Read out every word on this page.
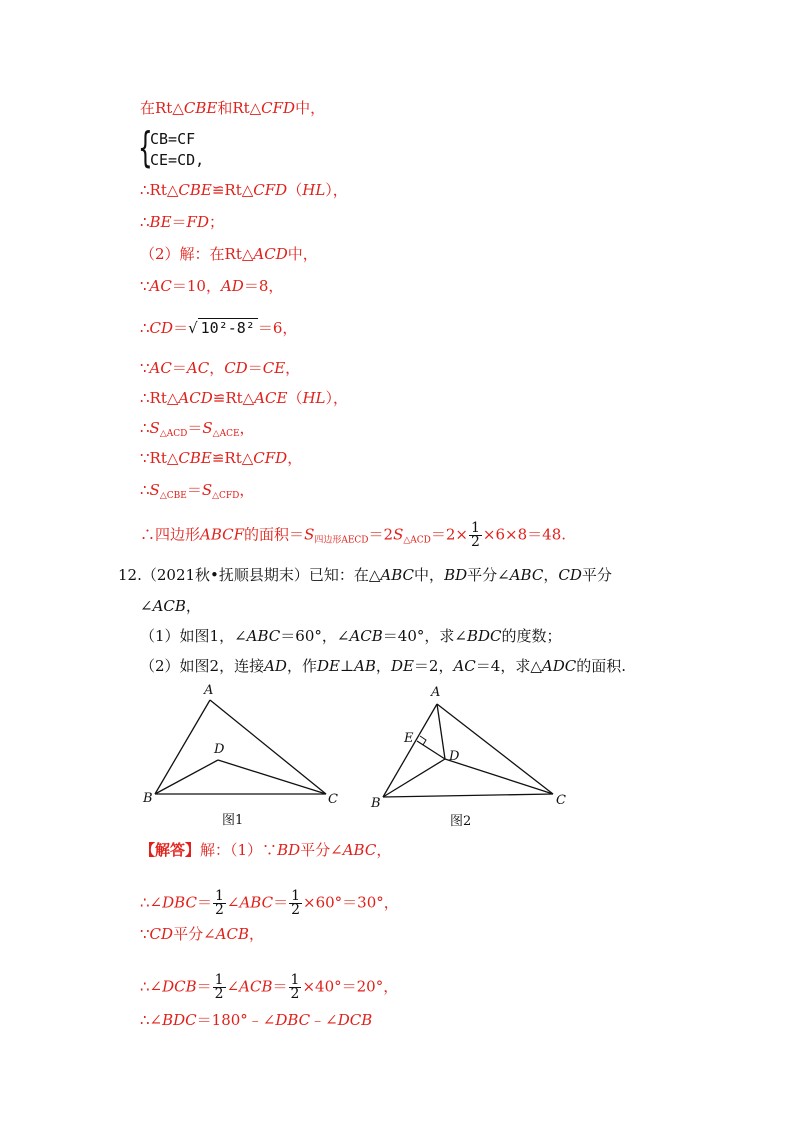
在Rt△CBE和Rt△CFD中，
{
CB=CF
CE=CD,
∴Rt△CBE≌Rt△CFD（HL），
∴BE＝FD；
（2）解：在Rt△ACD中，
∵AC＝10，AD＝8，
∴CD＝√ 10²-8² ＝6，
∵AC＝AC，CD＝CE，
∴Rt△ACD≌Rt△ACE（HL），
$\therefore S_{\triangle ACD}=S_{\triangle ACE}$，
∵Rt△CBE≌Rt△CFD，
$\therefore S_{\triangle CBE}=S_{\triangle CFD}$，
∴四边形ABCF的面积$=S_{四边形AECD}=2S_{\triangle ACD}=2\times \frac{1}{2} \times 6\times 8=48$.
12.（2021秋•抚顺县期末）已知：在△ABC中，BD平分∠ABC，CD平分
∠ACB，
（1）如图1，∠ABC＝60°，∠ACB＝40°，求∠BDC的度数；
（2）如图2，连接AD，作DE⊥AB，DE＝2，AC＝4，求△ADC的面积.
A
B	C
D
图1
A
B	C
D
E
图2
【解答】解：（1）∵BD平分∠ABC，
∴∠DBC＝ $\frac{1}{2}$ ∠ABC＝ $\frac{1}{2} \times 60^\circ=30^\circ$，
∵CD平分∠ACB，
∴∠DCB＝ $\frac{1}{2}$ ∠ACB＝ $\frac{1}{2} \times 40^\circ=20^\circ$，
∴∠BDC＝180°﹣∠DBC﹣∠DCB
